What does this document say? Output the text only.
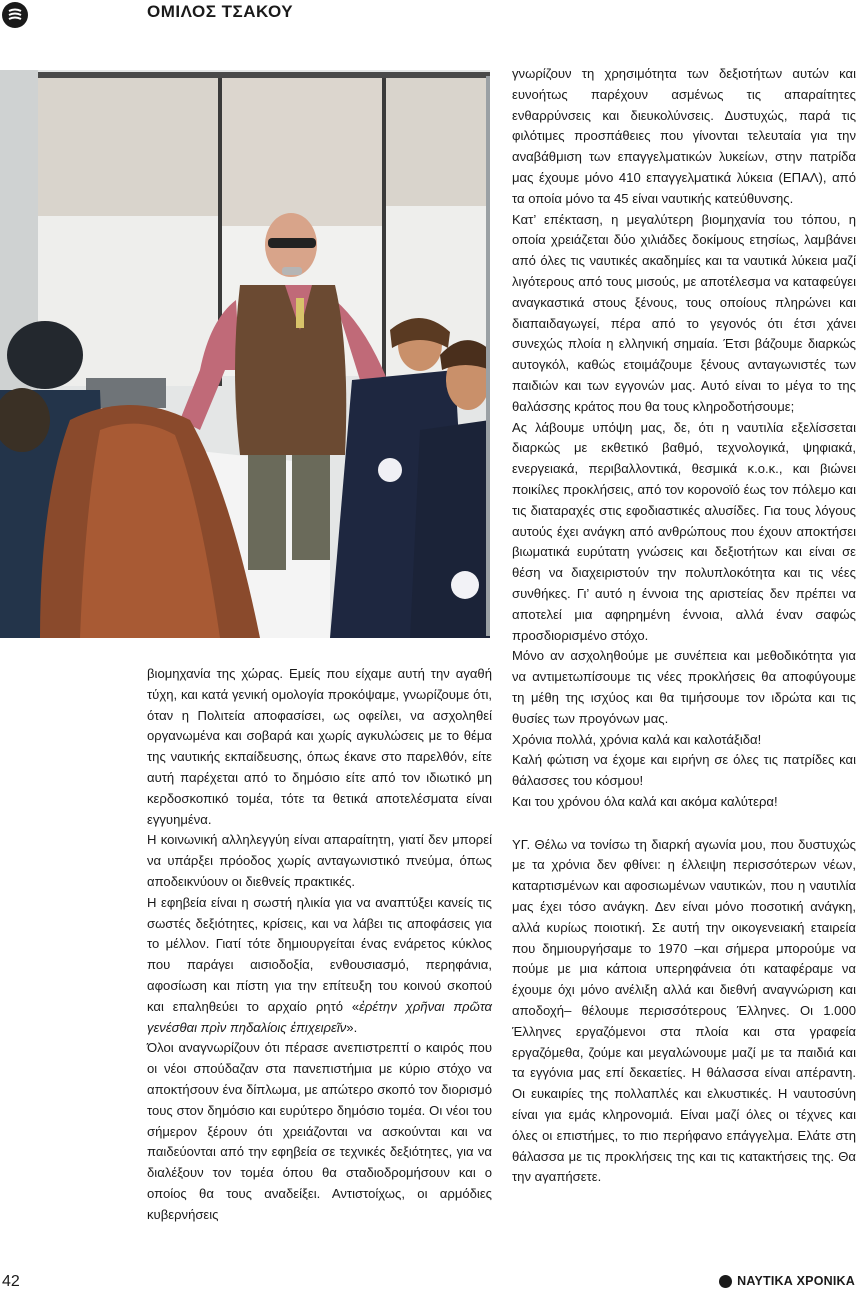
ΟΜΙΛΟΣ ΤΣΑΚΟΥ

βιομηχανία της χώρας. Εμείς που είχαμε αυτή την αγαθή τύχη, και κατά γενική ομολογία προκόψαμε, γνωρίζουμε ότι, όταν η Πολιτεία αποφασίσει, ως οφείλει, να ασχοληθεί οργανωμένα και σοβαρά και χωρίς αγκυλώσεις με το θέμα της ναυτικής εκπαίδευσης, όπως έκανε στο παρελθόν, είτε αυτή παρέχεται από το δημόσιο είτε από τον ιδιωτικό μη κερδοσκοπικό τομέα, τότε τα θετικά αποτελέσματα είναι εγγυημένα.

Η κοινωνική αλληλεγγύη είναι απαραίτητη, γιατί δεν μπορεί να υπάρξει πρόοδος χωρίς ανταγωνιστικό πνεύμα, όπως αποδεικνύουν οι διεθνείς πρακτικές.

Η εφηβεία είναι η σωστή ηλικία για να αναπτύξει κανείς τις σωστές δεξιότητες, κρίσεις, και να λάβει τις αποφάσεις για το μέλλον. Γιατί τότε δημιουργείται ένας ενάρετος κύκλος που παράγει αισιοδοξία, ενθουσιασμό, περηφάνια, αφοσίωση και πίστη για την επίτευξη του κοινού σκοπού και επαληθεύει το αρχαίο ρητό «ἐρέτην χρῆναι πρῶτα γενέσθαι πρὶν πηδαλίοις ἐπιχειρεῖν».

Όλοι αναγνωρίζουν ότι πέρασε ανεπιστρεπτί ο καιρός που οι νέοι σπούδαζαν στα πανεπιστήμια με κύριο στόχο να αποκτήσουν ένα δίπλωμα, με απώτερο σκοπό τον διορισμό τους στον δημόσιο και ευρύτερο δημόσιο τομέα. Οι νέοι του σήμερον ξέρουν ότι χρειάζονται να ασκούνται και να παιδεύονται από την εφηβεία σε τεχνικές δεξιότητες, για να διαλέξουν τον τομέα όπου θα σταδιοδρομήσουν και ο οποίος θα τους αναδείξει. Αντιστοίχως, οι αρμόδιες κυβερνήσεις

γνωρίζουν τη χρησιμότητα των δεξιοτήτων αυτών και ευνοήτως παρέχουν ασμένως τις απαραίτητες ενθαρρύνσεις και διευκολύνσεις. Δυστυχώς, παρά τις φιλότιμες προσπάθειες που γίνονται τελευταία για την αναβάθμιση των επαγγελματικών λυκείων, στην πατρίδα μας έχουμε μόνο 410 επαγγελματικά λύκεια (ΕΠΑΛ), από τα οποία μόνο τα 45 είναι ναυτικής κατεύθυνσης.

Κατ’ επέκταση, η μεγαλύτερη βιομηχανία του τόπου, η οποία χρειάζεται δύο χιλιάδες δοκίμους ετησίως, λαμβάνει από όλες τις ναυτικές ακαδημίες και τα ναυτικά λύκεια μαζί λιγότερους από τους μισούς, με αποτέλεσμα να καταφεύγει αναγκαστικά στους ξένους, τους οποίους πληρώνει και διαπαιδαγωγεί, πέρα από το γεγονός ότι έτσι χάνει συνεχώς πλοία η ελληνική σημαία. Έτσι βάζουμε διαρκώς αυτογκόλ, καθώς ετοιμάζουμε ξένους ανταγωνιστές των παιδιών και των εγγονών μας. Αυτό είναι το μέγα το της θαλάσσης κράτος που θα τους κληροδοτήσουμε;

Ας λάβουμε υπόψη μας, δε, ότι η ναυτιλία εξελίσσεται διαρκώς με εκθετικό βαθμό, τεχνολογικά, ψηφιακά, ενεργειακά, περιβαλλοντικά, θεσμικά κ.ο.κ., και βιώνει ποικίλες προκλήσεις, από τον κορονοϊό έως τον πόλεμο και τις διαταραχές στις εφοδιαστικές αλυσίδες. Για τους λόγους αυτούς έχει ανάγκη από ανθρώπους που έχουν αποκτήσει βιωματικά ευρύτατη γνώσεις και δεξιοτήτων και είναι σε θέση να διαχειριστούν την πολυπλοκότητα και τις νέες συνθήκες. Γι’ αυτό η έννοια της αριστείας δεν πρέπει να αποτελεί μια αφηρημένη έννοια, αλλά έναν σαφώς προσδιορισμένο στόχο.

Μόνο αν ασχοληθούμε με συνέπεια και μεθοδικότητα για να αντιμετωπίσουμε τις νέες προκλήσεις θα αποφύγουμε τη μέθη της ισχύος και θα τιμήσουμε τον ιδρώτα και τις θυσίες των προγόνων μας.

Χρόνια πολλά, χρόνια καλά και καλοτάξιδα!

Καλή φώτιση να έχομε και ειρήνη σε όλες τις πατρίδες και θάλασσες του κόσμου!

Και του χρόνου όλα καλά και ακόμα καλύτερα!

ΥΓ. Θέλω να τονίσω τη διαρκή αγωνία μου, που δυστυχώς με τα χρόνια δεν φθίνει: η έλλειψη περισσότερων νέων, καταρτισμένων και αφοσιωμένων ναυτικών, που η ναυτιλία μας έχει τόσο ανάγκη. Δεν είναι μόνο ποσοτική ανάγκη, αλλά κυρίως ποιοτική. Σε αυτή την οικογενειακή εταιρεία που δημιουργήσαμε το 1970 –και σήμερα μπορούμε να πούμε με μια κάποια υπερηφάνεια ότι καταφέραμε να έχουμε όχι μόνο ανέλιξη αλλά και διεθνή αναγνώριση και αποδοχή– θέλουμε περισσότερους Έλληνες. Οι 1.000 Έλληνες εργαζόμενοι στα πλοία και στα γραφεία εργαζόμεθα, ζούμε και μεγαλώνουμε μαζί με τα παιδιά και τα εγγόνια μας επί δεκαετίες. Η θάλασσα είναι απέραντη. Οι ευκαιρίες της πολλαπλές και ελκυστικές. Η ναυτοσύνη είναι για εμάς κληρονομιά. Είναι μαζί όλες οι τέχνες και όλες οι επιστήμες, το πιο περήφανο επάγγελμα. Ελάτε στη θάλασσα με τις προκλήσεις της και τις κατακτήσεις της. Θα την αγαπήσετε.

42	ΝΑΥΤΙΚΑ ΧΡΟΝΙΚΑ
